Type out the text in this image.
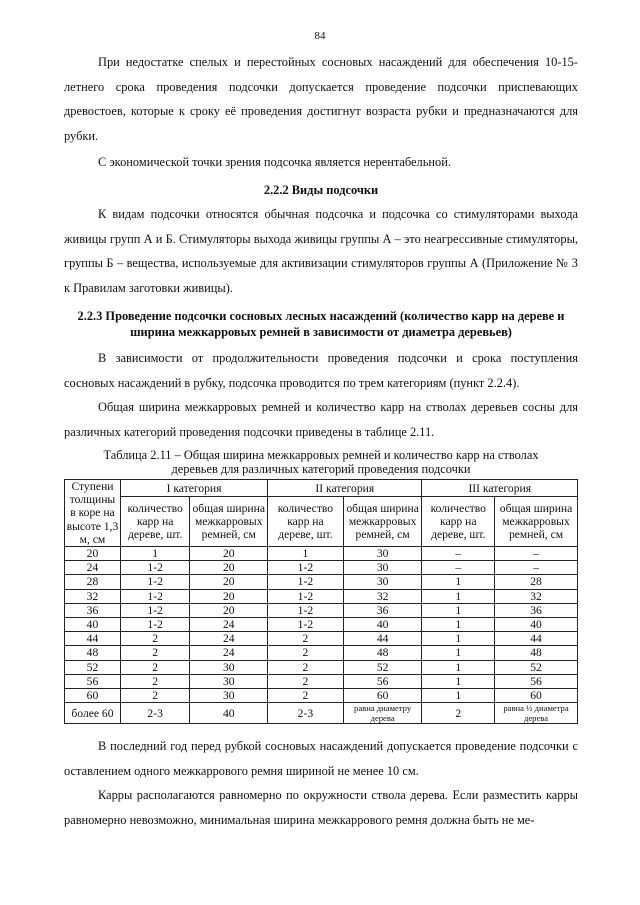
84

При недостатке спелых и перестойных сосновых насаждений для обеспечения 10-15-летнего срока проведения подсочки допускается проведение подсочки приспевающих древостоев, которые к сроку её проведения достигнут возраста рубки и предназначаются для рубки.

С экономической точки зрения подсочка является нерентабельной.

2.2.2 Виды подсочки

К видам подсочки относятся обычная подсочка и подсочка со стимуляторами выхода живицы групп А и Б. Стимуляторы выхода живицы группы А – это неагрессивные стимуляторы, группы Б – вещества, используемые для активизации стимуляторов группы А (Приложение № 3 к Правилам заготовки живицы).

2.2.3 Проведение подсочки сосновых лесных насаждений (количество карр на дереве и ширина межкарровых ремней в зависимости от диаметра деревьев)

В зависимости от продолжительности проведения подсочки и срока поступления сосновых насаждений в рубку, подсочка проводится по трем категориям (пункт 2.2.4).

Общая ширина межкарровых ремней и количество карр на стволах деревьев сосны для различных категорий проведения подсочки приведены в таблице 2.11.

Таблица 2.11 – Общая ширина межкарровых ремней и количество карр на стволах
деревьев для различных категорий проведения подсочки

Ступени толщины в коре на высоте 1,3 м, см	I категория		II категория		III категория	
	количество карр на дереве, шт.	общая ширина межкарровых ремней, см	количество карр на дереве, шт.	общая ширина межкарровых ремней, см	количество карр на дереве, шт.	общая ширина межкарровых ремней, см
20	1	20	1	30	–	–
24	1-2	20	1-2	30	–	–
28	1-2	20	1-2	30	1	28
32	1-2	20	1-2	32	1	32
36	1-2	20	1-2	36	1	36
40	1-2	24	1-2	40	1	40
44	2	24	2	44	1	44
48	2	24	2	48	1	48
52	2	30	2	52	1	52
56	2	30	2	56	1	56
60	2	30	2	60	1	60
более 60	2-3	40	2-3	равна диаметру дерева	2	равна ½ диаметра дерева

В последний год перед рубкой сосновых насаждений допускается проведение подсочки с оставлением одного межкаррового ремня шириной не менее 10 см.

Карры располагаются равномерно по окружности ствола дерева. Если разместить карры равномерно невозможно, минимальная ширина межкаррового ремня должна быть не ме-
